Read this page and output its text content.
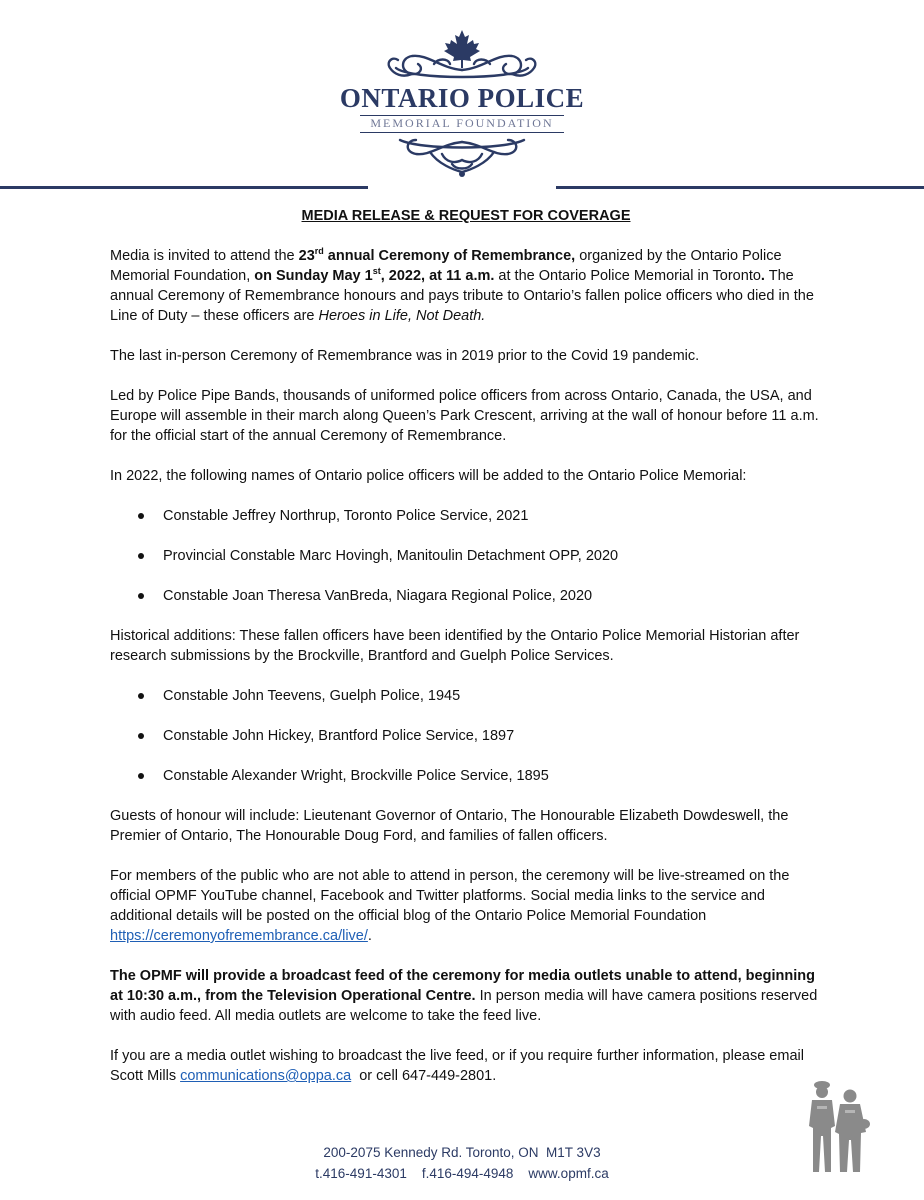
ONTARIO POLICE
MEMORIAL FOUNDATION
MEDIA RELEASE & REQUEST FOR COVERAGE

Media is invited to attend the 23rd annual Ceremony of Remembrance, organized by the Ontario Police Memorial Foundation, on Sunday May 1st, 2022, at 11 a.m. at the Ontario Police Memorial in Toronto. The annual Ceremony of Remembrance honours and pays tribute to Ontario’s fallen police officers who died in the Line of Duty – these officers are Heroes in Life, Not Death.

The last in-person Ceremony of Remembrance was in 2019 prior to the Covid 19 pandemic.

Led by Police Pipe Bands, thousands of uniformed police officers from across Ontario, Canada, the USA, and Europe will assemble in their march along Queen’s Park Crescent, arriving at the wall of honour before 11 a.m. for the official start of the annual Ceremony of Remembrance.

In 2022, the following names of Ontario police officers will be added to the Ontario Police Memorial:

Constable Jeffrey Northrup, Toronto Police Service, 2021
Provincial Constable Marc Hovingh, Manitoulin Detachment OPP, 2020
Constable Joan Theresa VanBreda, Niagara Regional Police, 2020

Historical additions: These fallen officers have been identified by the Ontario Police Memorial Historian after research submissions by the Brockville, Brantford and Guelph Police Services.

Constable John Teevens, Guelph Police, 1945
Constable John Hickey, Brantford Police Service, 1897
Constable Alexander Wright, Brockville Police Service, 1895

Guests of honour will include: Lieutenant Governor of Ontario, The Honourable Elizabeth Dowdeswell, the Premier of Ontario, The Honourable Doug Ford, and families of fallen officers.

For members of the public who are not able to attend in person, the ceremony will be live-streamed on the official OPMF YouTube channel, Facebook and Twitter platforms. Social media links to the service and additional details will be posted on the official blog of the Ontario Police Memorial Foundation https://ceremonyofremembrance.ca/live/.

The OPMF will provide a broadcast feed of the ceremony for media outlets unable to attend, beginning at 10:30 a.m., from the Television Operational Centre. In person media will have camera positions reserved with audio feed. All media outlets are welcome to take the feed live.

If you are a media outlet wishing to broadcast the live feed, or if you require further information, please email Scott Mills communications@oppa.ca  or cell 647-449-2801.

200-2075 Kennedy Rd. Toronto, ON  M1T 3V3
t.416-491-4301    f.416-494-4948    www.opmf.ca
